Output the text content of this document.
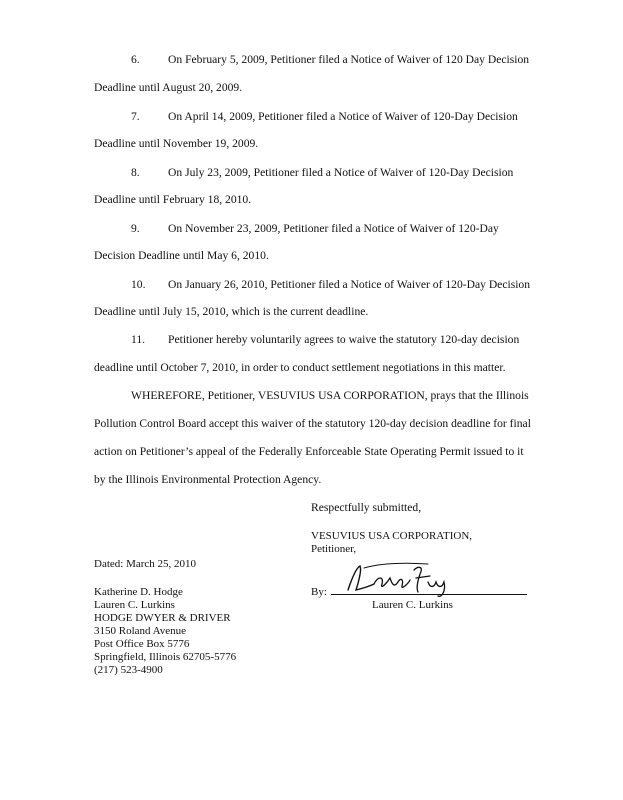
6. On February 5, 2009, Petitioner filed a Notice of Waiver of 120 Day Decision
Deadline until August 20, 2009.
7. On April 14, 2009, Petitioner filed a Notice of Waiver of 120-Day Decision
Deadline until November 19, 2009.
8. On July 23, 2009, Petitioner filed a Notice of Waiver of 120-Day Decision
Deadline until February 18, 2010.
9. On November 23, 2009, Petitioner filed a Notice of Waiver of 120-Day
Decision Deadline until May 6, 2010.
10. On January 26, 2010, Petitioner filed a Notice of Waiver of 120-Day Decision
Deadline until July 15, 2010, which is the current deadline.
11. Petitioner hereby voluntarily agrees to waive the statutory 120-day decision
deadline until October 7, 2010, in order to conduct settlement negotiations in this matter.
WHEREFORE, Petitioner, VESUVIUS USA CORPORATION, prays that the Illinois
Pollution Control Board accept this waiver of the statutory 120-day decision deadline for final
action on Petitioner’s appeal of the Federally Enforceable State Operating Permit issued to it
by the Illinois Environmental Protection Agency.
Respectfully submitted,
VESUVIUS USA CORPORATION,
Petitioner,
By:
Lauren C. Lurkins
Dated: March 25, 2010
Katherine D. Hodge
Lauren C. Lurkins
HODGE DWYER & DRIVER
3150 Roland Avenue
Post Office Box 5776
Springfield, Illinois 62705-5776
(217) 523-4900
